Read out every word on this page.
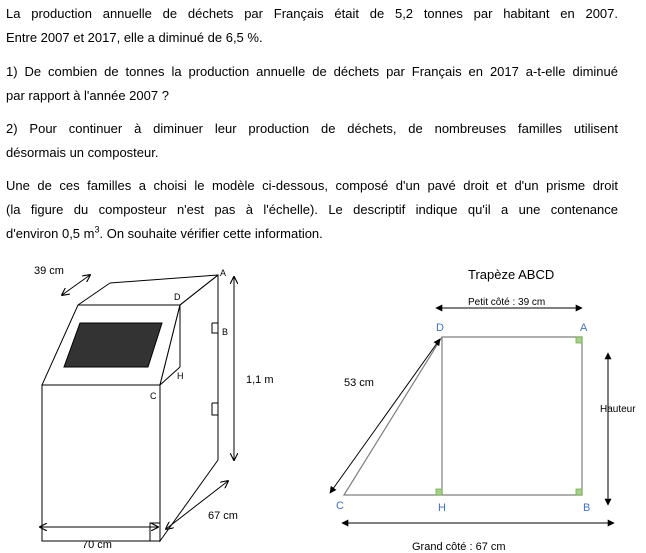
La production annuelle de déchets par Français était de 5,2 tonnes par habitant en 2007.
Entre 2007 et 2017, elle a diminué de 6,5 %.
1) De combien de tonnes la production annuelle de déchets par Français en 2017 a-t-elle diminué
par rapport à l'année 2007 ?
2) Pour continuer à diminuer leur production de déchets, de nombreuses familles utilisent
désormais un composteur.
Une de ces familles a choisi le modèle ci-dessous, composé d'un pavé droit et d'un prisme droit
(la figure du composteur n'est pas à l'échelle). Le descriptif indique qu'il a une contenance
d'environ 0,5 $m^3$. On souhaite vérifier cette information.
39 cm
1,1 m
67 cm
70 cm
A
B
C
D
H
Trapèze ABCD
Petit côté : 39 cm
53 cm
Hauteur
Grand côté : 67 cm
D	A
C	H	B
